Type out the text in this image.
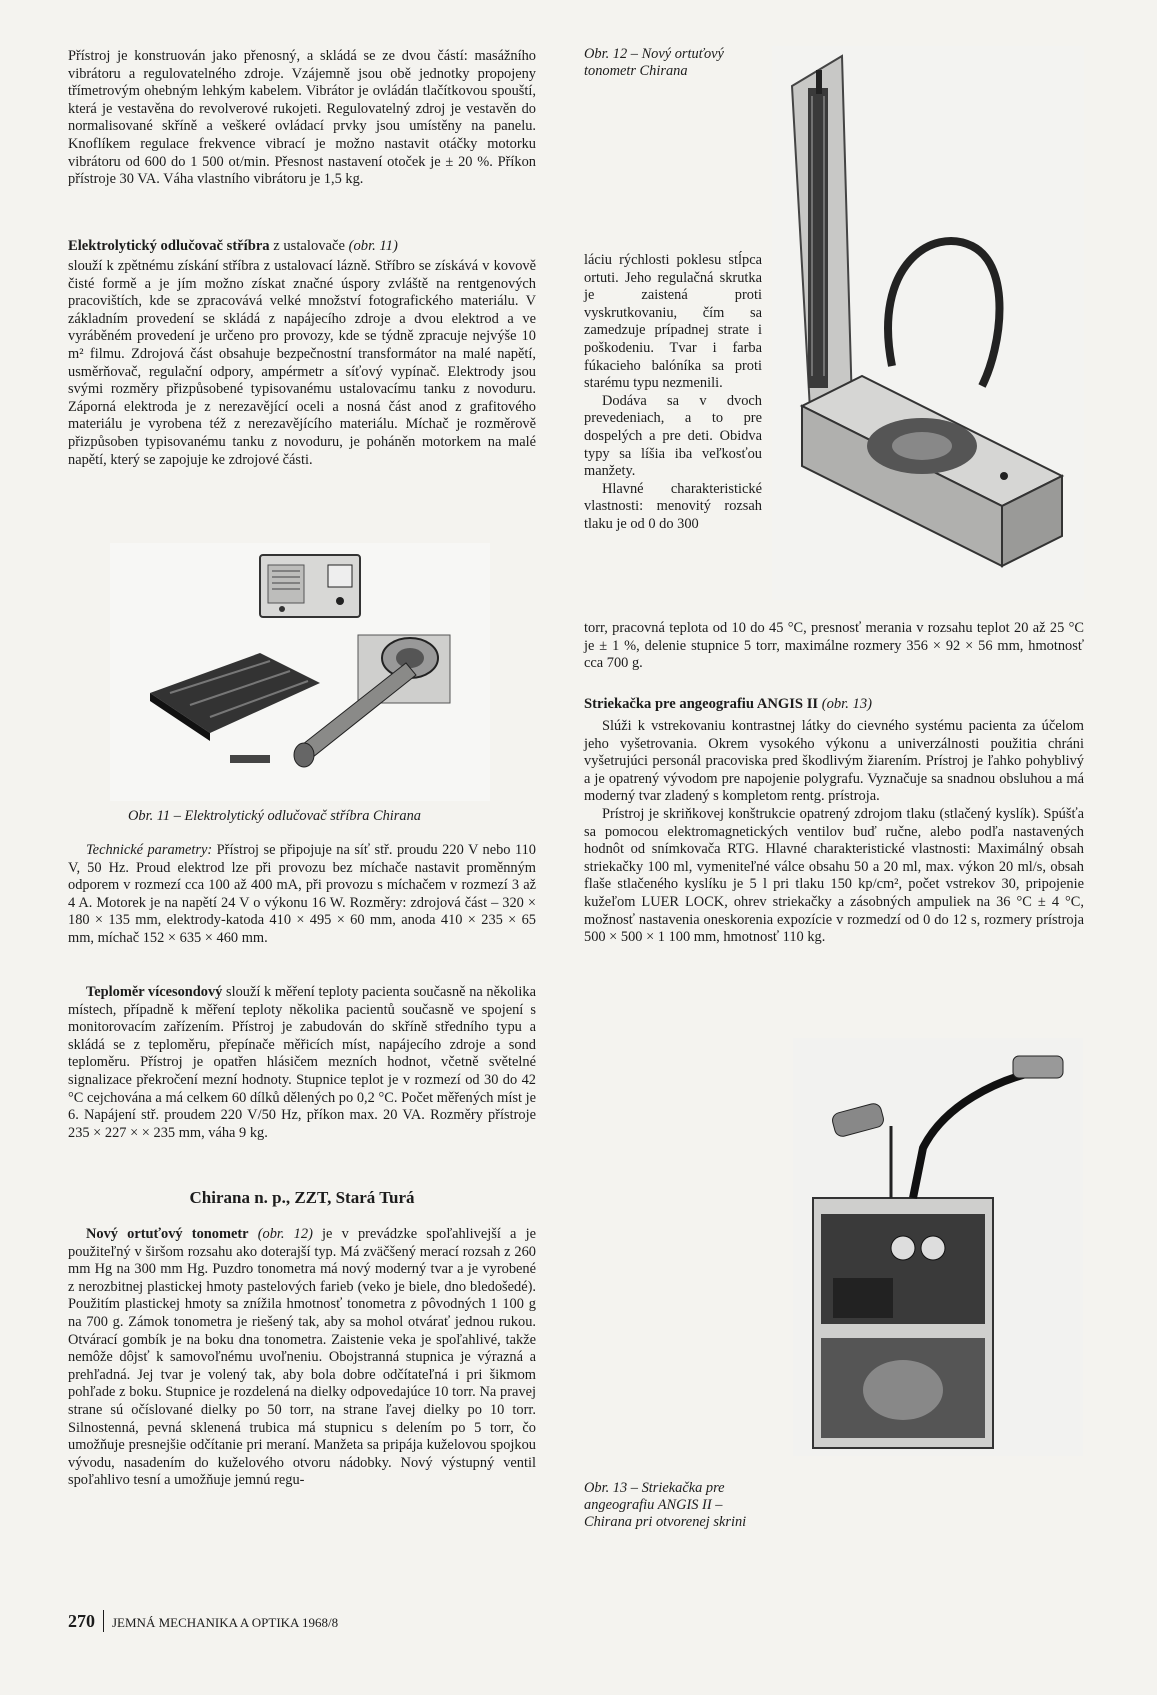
Přístroj je konstruován jako přenosný, a skládá se ze dvou částí: masážního vibrátoru a regulovatelného zdroje. Vzájemně jsou obě jednotky propojeny třímetrovým ohebným lehkým kabelem. Vibrátor je ovládán tlačítkovou spouští, která je vestavěna do revolverové rukojeti. Regulovatelný zdroj je vestavěn do normalisované skříně a veškeré ovládací prvky jsou umístěny na panelu. Knoflíkem regulace frekvence vibrací je možno nastavit otáčky motorku vibrátoru od 600 do 1 500 ot/min. Přesnost nastavení otoček je ± 20 %. Příkon přístroje 30 VA. Váha vlastního vibrátoru je 1,5 kg.

Elektrolytický odlučovač stříbra z ustalovače (obr. 11)

slouží k zpětnému získání stříbra z ustalovací lázně. Stříbro se získává v kovově čisté formě a je jím možno získat značné úspory zvláště na rentgenových pracovištích, kde se zpracovává velké množství fotografického materiálu. V základním provedení se skládá z napájecího zdroje a dvou elektrod a ve vyráběném provedení je určeno pro provozy, kde se týdně zpracuje nejvýše 10 m² filmu. Zdrojová část obsahuje bezpečnostní transformátor na malé napětí, usměrňovač, regulační odpory, ampérmetr a síťový vypínač. Elektrody jsou svými rozměry přizpůsobené typisovanému ustalovacímu tanku z novoduru. Záporná elektroda je z nerezavějící oceli a nosná část anod z grafitového materiálu je vyrobena též z nerezavějícího materiálu. Míchač je rozměrově přizpůsoben typisovanému tanku z novoduru, je poháněn motorkem na malé napětí, který se zapojuje ke zdrojové části.

Obr. 11 – Elektrolytický odlučovač stříbra Chirana

Technické parametry: Přístroj se připojuje na síť stř. proudu 220 V nebo 110 V, 50 Hz. Proud elektrod lze při provozu bez míchače nastavit proměnným odporem v rozmezí cca 100 až 400 mA, při provozu s míchačem v rozmezí 3 až 4 A. Motorek je na napětí 24 V o výkonu 16 W. Rozměry: zdrojová část – 320 × 180 × 135 mm, elektrody-katoda 410 × 495 × 60 mm, anoda 410 × 235 × 65 mm, míchač 152 × 635 × 460 mm.

Teploměr vícesondový slouží k měření teploty pacienta současně na několika místech, případně k měření teploty několika pacientů současně ve spojení s monitorovacím zařízením. Přístroj je zabudován do skříně středního typu a skládá se z teploměru, přepínače měřicích míst, napájecího zdroje a sond teploměru. Přístroj je opatřen hlásičem mezních hodnot, včetně světelné signalizace překročení mezní hodnoty. Stupnice teplot je v rozmezí od 30 do 42 °C cejchována a má celkem 60 dílků dělených po 0,2 °C. Počet měřených míst je 6. Napájení stř. proudem 220 V/50 Hz, příkon max. 20 VA. Rozměry přístroje 235 × 227 × × 235 mm, váha 9 kg.

Chirana n. p., ZZT, Stará Turá

Nový ortuťový tonometr (obr. 12) je v prevádzke spoľahlivejší a je použiteľný v širšom rozsahu ako doterajší typ. Má zväčšený merací rozsah z 260 mm Hg na 300 mm Hg. Puzdro tonometra má nový moderný tvar a je vyrobené z nerozbitnej plastickej hmoty pastelových farieb (veko je biele, dno bledošedé). Použitím plastickej hmoty sa znížila hmotnosť tonometra z pôvodných 1 100 g na 700 g. Zámok tonometra je riešený tak, aby sa mohol otvárať jednou rukou. Otvárací gombík je na boku dna tonometra. Zaistenie veka je spoľahlivé, takže nemôže dôjsť k samovoľnému uvoľneniu. Obojstranná stupnica je výrazná a prehľadná. Jej tvar je volený tak, aby bola dobre odčítateľná i pri šikmom pohľade z boku. Stupnice je rozdelená na dielky odpovedajúce 10 torr. Na pravej strane sú očíslované dielky po 50 torr, na strane ľavej dielky po 10 torr. Silnostenná, pevná sklenená trubica má stupnicu s delením po 5 torr, čo umožňuje presnejšie odčítanie pri meraní. Manžeta sa pripája kuželovou spojkou vývodu, nasadením do kuželového otvoru nádobky. Nový výstupný ventil spoľahlivo tesní a umožňuje jemnú regu-

Obr. 12 – Nový ortuťový tonometr Chirana

láciu rýchlosti poklesu stĺpca ortuti. Jeho regulačná skrutka je zaistená proti vyskrutkovaniu, čím sa zamedzuje prípadnej strate i poškodeniu. Tvar i farba fúkacieho balóníka sa proti starému typu nezmenili.

Dodáva sa v dvoch prevedeniach, a to pre dospelých a pre deti. Obidva typy sa líšia iba veľkosťou manžety.

Hlavné charakteristické vlastnosti: menovitý rozsah tlaku je od 0 do 300

torr, pracovná teplota od 10 do 45 °C, presnosť merania v rozsahu teplot 20 až 25 °C je ± 1 %, delenie stupnice 5 torr, maximálne rozmery 356 × 92 × 56 mm, hmotnosť cca 700 g.

Striekačka pre angeografiu ANGIS II (obr. 13)

Slúži k vstrekovaniu kontrastnej látky do cievného systému pacienta za účelom jeho vyšetrovania. Okrem vysokého výkonu a univerzálnosti použitia chráni vyšetrujúci personál pracoviska pred škodlivým žiarením. Prístroj je ľahko pohyblivý a je opatrený vývodom pre napojenie polygrafu. Vyznačuje sa snadnou obsluhou a má moderný tvar zladený s kompletom rentg. prístroja.

Prístroj je skriňkovej konštrukcie opatrený zdrojom tlaku (stlačený kyslík). Spúšťa sa pomocou elektromagnetických ventilov buď ručne, alebo podľa nastavených hodnôt od snímkovača RTG. Hlavné charakteristické vlastnosti: Maximálný obsah striekačky 100 ml, vymeniteľné válce obsahu 50 a 20 ml, max. výkon 20 ml/s, obsah flaše stlačeného kyslíku je 5 l pri tlaku 150 kp/cm², počet vstrekov 30, pripojenie kužeľom LUER LOCK, ohrev striekačky a zásobných ampuliek na 36 °C ± 4 °C, možnosť nastavenia oneskorenia expozície v rozmedzí od 0 do 12 s, rozmery prístroja 500 × 500 × 1 100 mm, hmotnosť 110 kg.

Obr. 13 – Striekačka pre angeografiu ANGIS II – Chirana pri otvorenej skrini
270 JEMNÁ MECHANIKA A OPTIKA 1968/8
